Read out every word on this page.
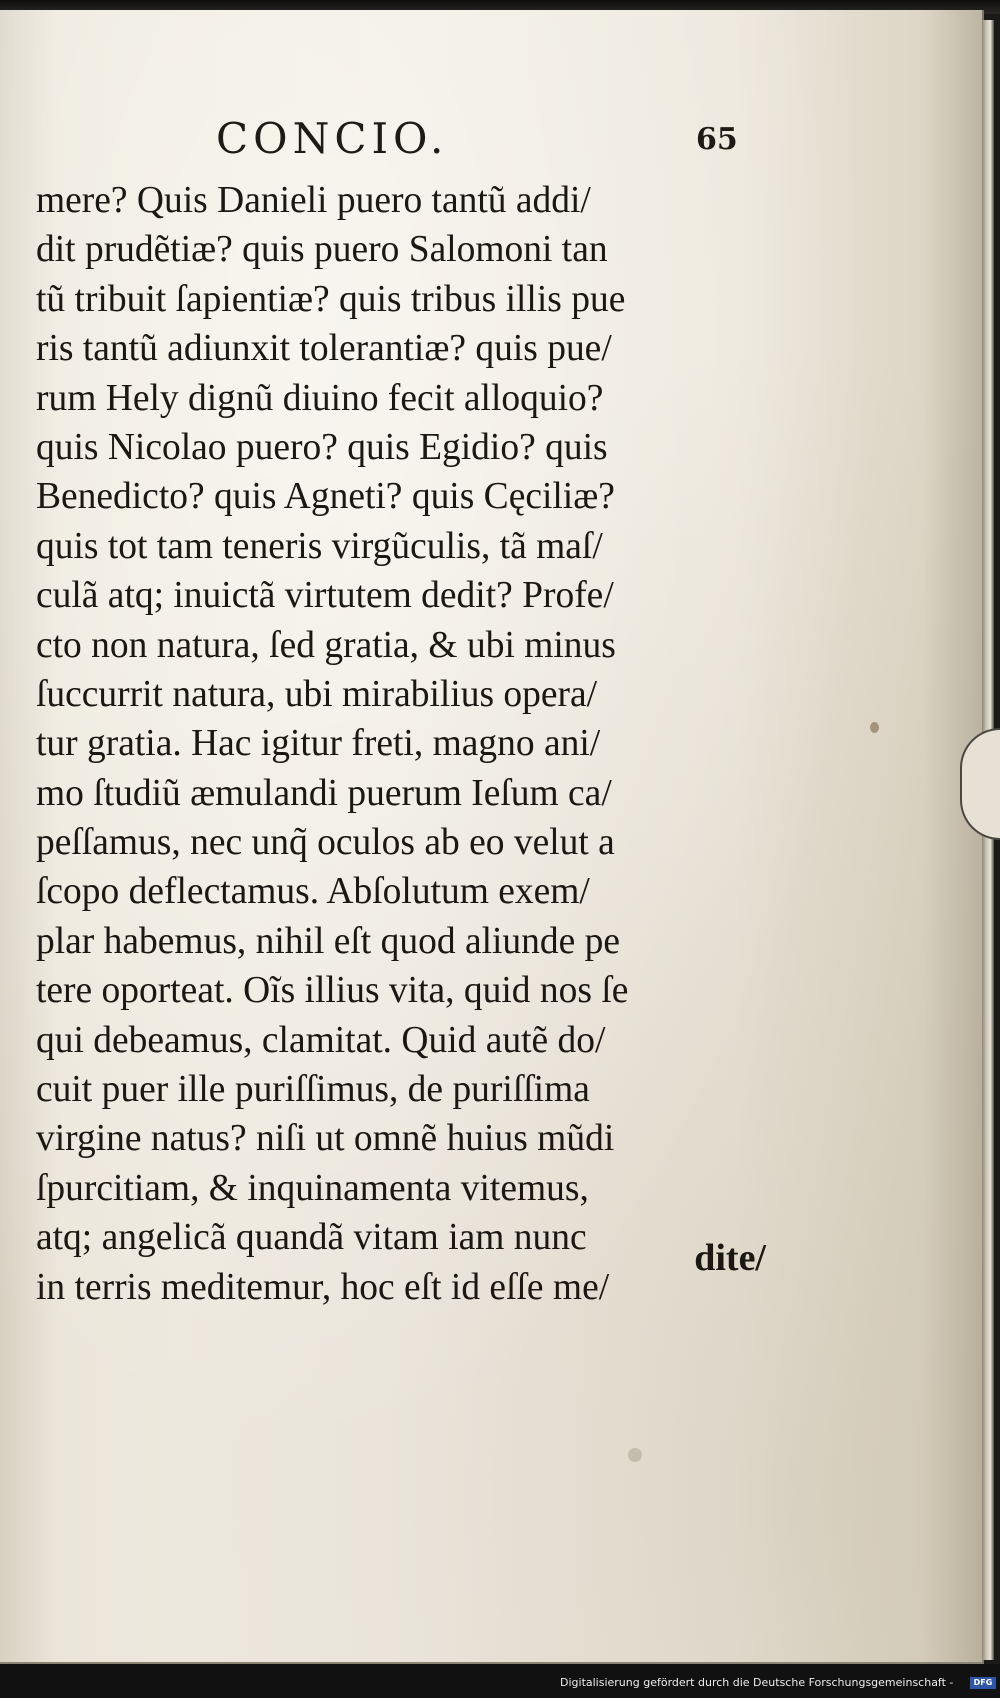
CONCIO.	65
mere? Quis Danieli puero tantũ addi/
dit prudẽtiæ? quis puero Salomoni tan
tũ tribuit ſapientiæ? quis tribus illis pue
ris tantũ adiunxit tolerantiæ? quis pue/
rum Hely dignũ diuino fecit alloquio?
quis Nicolao puero? quis Egidio? quis
Benedicto? quis Agneti? quis Cęciliæ?
quis tot tam teneris virgũculis, tã maſ/
culã atq; inuictã virtutem dedit? Profe/
cto non natura, ſed gratia, & ubi minus
ſuccurrit natura, ubi mirabilius opera/
tur gratia. Hac igitur freti, magno ani/
mo ſtudiũ æmulandi puerum Ieſum ca/
peſſamus, nec unq̃ oculos ab eo velut a
ſcopo deflectamus. Abſolutum exem/
plar habemus, nihil eſt quod aliunde pe
tere oporteat. Oĩs illius vita, quid nos ſe
qui debeamus, clamitat. Quid autẽ do/
cuit puer ille puriſſimus, de puriſſima
virgine natus? niſi ut omnẽ huius mũdi
ſpurcitiam, & inquinamenta vitemus,
atq; angelicã quandã vitam iam nunc
in terris meditemur, hoc eſt id eſſe me/
dite/
Digitalisierung gefördert durch die Deutsche Forschungsgemeinschaft -	DFG
